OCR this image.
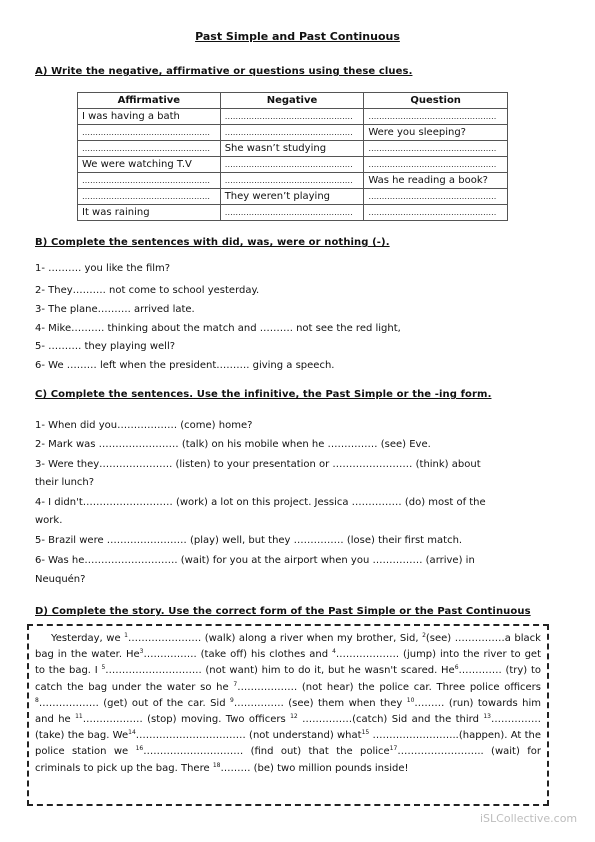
Past Simple and Past Continuous
A) Write the negative, affirmative or questions using these clues.
Affirmative	Negative	Question
I was having a bath	…………………………………………	…………………………………………
…………………………………………	…………………………………………	Were you sleeping?
…………………………………………	She wasn’t studying	…………………………………………
We were watching T.V	…………………………………………	…………………………………………
…………………………………………	…………………………………………	Was he reading a book?
…………………………………………	They weren’t playing	…………………………………………
It was raining	…………………………………………	…………………………………………
B) Complete the sentences with did, was, were or nothing (-).
1- ………. you like the film?
2- They………. not come to school yesterday.
3- The plane………. arrived late.
4- Mike………. thinking about the match and ………. not see the red light,
5- ………. they playing well?
6- We ……… left when the president………. giving a speech.
C) Complete the sentences. Use the infinitive, the Past Simple or the -ing form.
1- When did you……………… (come) home?
2- Mark was …………………… (talk) on his mobile when he …………… (see) Eve.
3- Were they…………………. (listen) to your presentation or …………………… (think) about
their lunch?
4- I didn't……………………… (work) a lot on this project. Jessica …………… (do) most of the
work.
5- Brazil were …………………… (play) well, but they …………… (lose) their first match.
6- Was he………………………. (wait) for you at the airport when you …………… (arrive) in
Neuquén?
D) Complete the story. Use the correct form of the Past Simple or the Past Continuous
Yesterday, we $^1$…………………. (walk) along a river when my brother, Sid, $^2$(see) ……………a black bag in the water. He$^3$……………. (take off) his clothes and $^4$………………. (jump) into the river to get to the bag. I $^5$……………………….. (not want) him to do it, but he wasn't scared. He$^6$…………. (try) to catch the bag under the water so he $^7$……………… (not hear) the police car. Three police officers $^8$……………… (get) out of the car. Sid $^9$…………… (see) them when they $^{10}$……… (run) towards him and he $^{11}$……………… (stop) moving. Two officers $^{12}$ ……………(catch) Sid and the third $^{13}$…………… (take) the bag. We$^{14}$…………………………… (not understand) what$^{15}$ ……………………..(happen). At the police station we $^{16}$………………………… (find out) that the police$^{17}$…………………….. (wait) for criminals to pick up the bag. There $^{18}$……… (be) two million pounds inside!
iSLCollective.com
